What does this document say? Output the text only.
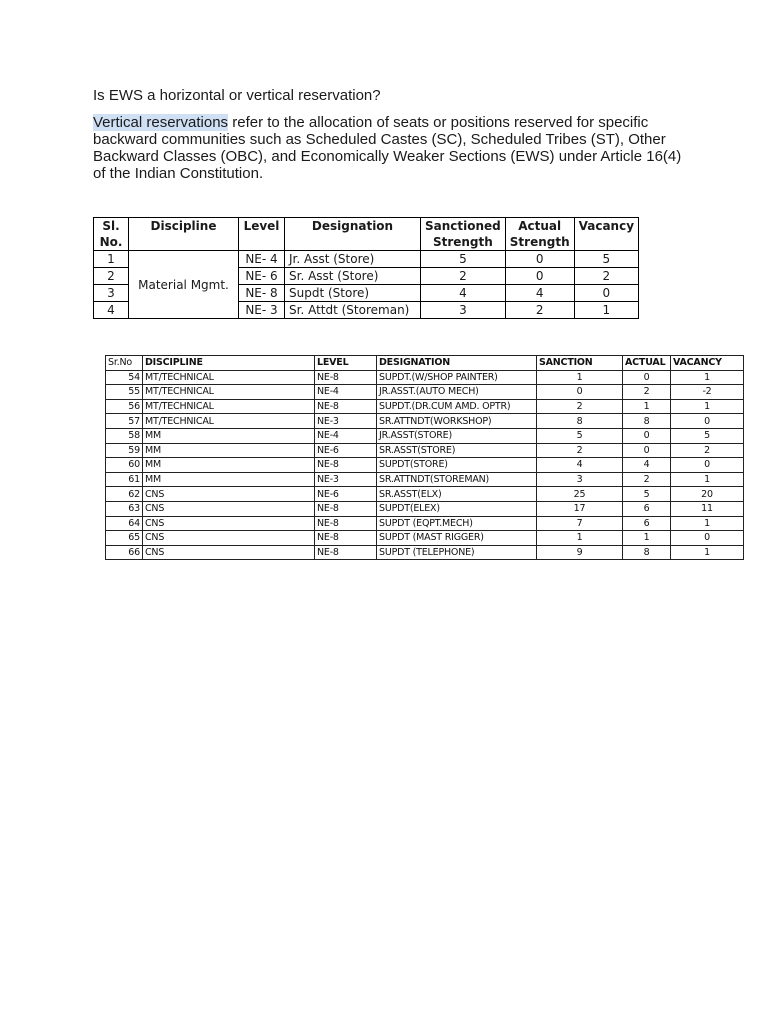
Is EWS a horizontal or vertical reservation?
Vertical reservations refer to the allocation of seats or positions reserved for specific backward communities such as Scheduled Castes (SC), Scheduled Tribes (ST), Other Backward Classes (OBC), and Economically Weaker Sections (EWS) under Article 16(4) of the Indian Constitution.
Sl. No.	Discipline	Level	Designation	Sanctioned Strength	Actual Strength	Vacancy
1	Material Mgmt.	NE- 4	Jr. Asst (Store)	5	0	5
2		NE- 6	Sr. Asst (Store)	2	0	2
3		NE- 8	Supdt (Store)	4	4	0
4		NE- 3	Sr. Attdt (Storeman)	3	2	1
Sr.No	DISCIPLINE	LEVEL	DESIGNATION	SANCTION	ACTUAL	VACANCY
54	MT/TECHNICAL	NE-8	SUPDT.(W/SHOP PAINTER)	1	0	1
55	MT/TECHNICAL	NE-4	JR.ASST.(AUTO MECH)	0	2	-2
56	MT/TECHNICAL	NE-8	SUPDT.(DR.CUM AMD. OPTR)	2	1	1
57	MT/TECHNICAL	NE-3	SR.ATTNDT(WORKSHOP)	8	8	0
58	MM	NE-4	JR.ASST(STORE)	5	0	5
59	MM	NE-6	SR.ASST(STORE)	2	0	2
60	MM	NE-8	SUPDT(STORE)	4	4	0
61	MM	NE-3	SR.ATTNDT(STOREMAN)	3	2	1
62	CNS	NE-6	SR.ASST(ELX)	25	5	20
63	CNS	NE-8	SUPDT(ELEX)	17	6	11
64	CNS	NE-8	SUPDT (EQPT.MECH)	7	6	1
65	CNS	NE-8	SUPDT (MAST RIGGER)	1	1	0
66	CNS	NE-8	SUPDT (TELEPHONE)	9	8	1
